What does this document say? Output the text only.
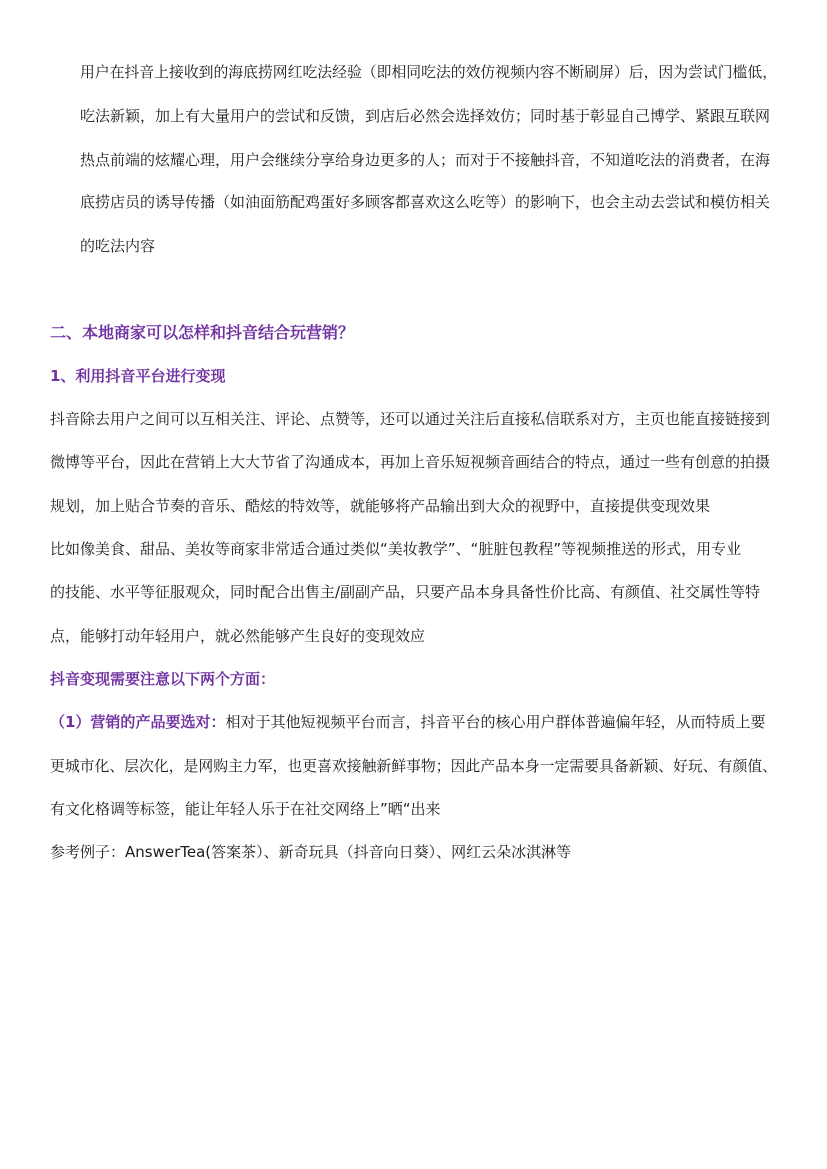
用户在抖音上接收到的海底捞网红吃法经验（即相同吃法的效仿视频内容不断刷屏）后，因为尝试门槛低，
吃法新颖，加上有大量用户的尝试和反馈，到店后必然会选择效仿；同时基于彰显自己博学、紧跟互联网
热点前端的炫耀心理，用户会继续分享给身边更多的人；而对于不接触抖音，不知道吃法的消费者，在海
底捞店员的诱导传播（如油面筋配鸡蛋好多顾客都喜欢这么吃等）的影响下，也会主动去尝试和模仿相关
的吃法内容
二、本地商家可以怎样和抖音结合玩营销？
1、利用抖音平台进行变现
抖音除去用户之间可以互相关注、评论、点赞等，还可以通过关注后直接私信联系对方，主页也能直接链接到
微博等平台，因此在营销上大大节省了沟通成本，再加上音乐短视频音画结合的特点，通过一些有创意的拍摄
规划，加上贴合节奏的音乐、酷炫的特效等，就能够将产品输出到大众的视野中，直接提供变现效果
比如像美食、甜品、美妆等商家非常适合通过类似“美妆教学”、“脏脏包教程”等视频推送的形式，用专业
的技能、水平等征服观众，同时配合出售主/副副产品，只要产品本身具备性价比高、有颜值、社交属性等特
点，能够打动年轻用户，就必然能够产生良好的变现效应
抖音变现需要注意以下两个方面：
（1）营销的产品要选对：相对于其他短视频平台而言，抖音平台的核心用户群体普遍偏年轻，从而特质上要
更城市化、层次化，是网购主力军，也更喜欢接触新鲜事物；因此产品本身一定需要具备新颖、好玩、有颜值、
有文化格调等标签，能让年轻人乐于在社交网络上”晒“出来
参考例子：AnswerTea(答案茶）、新奇玩具（抖音向日葵）、网红云朵冰淇淋等
